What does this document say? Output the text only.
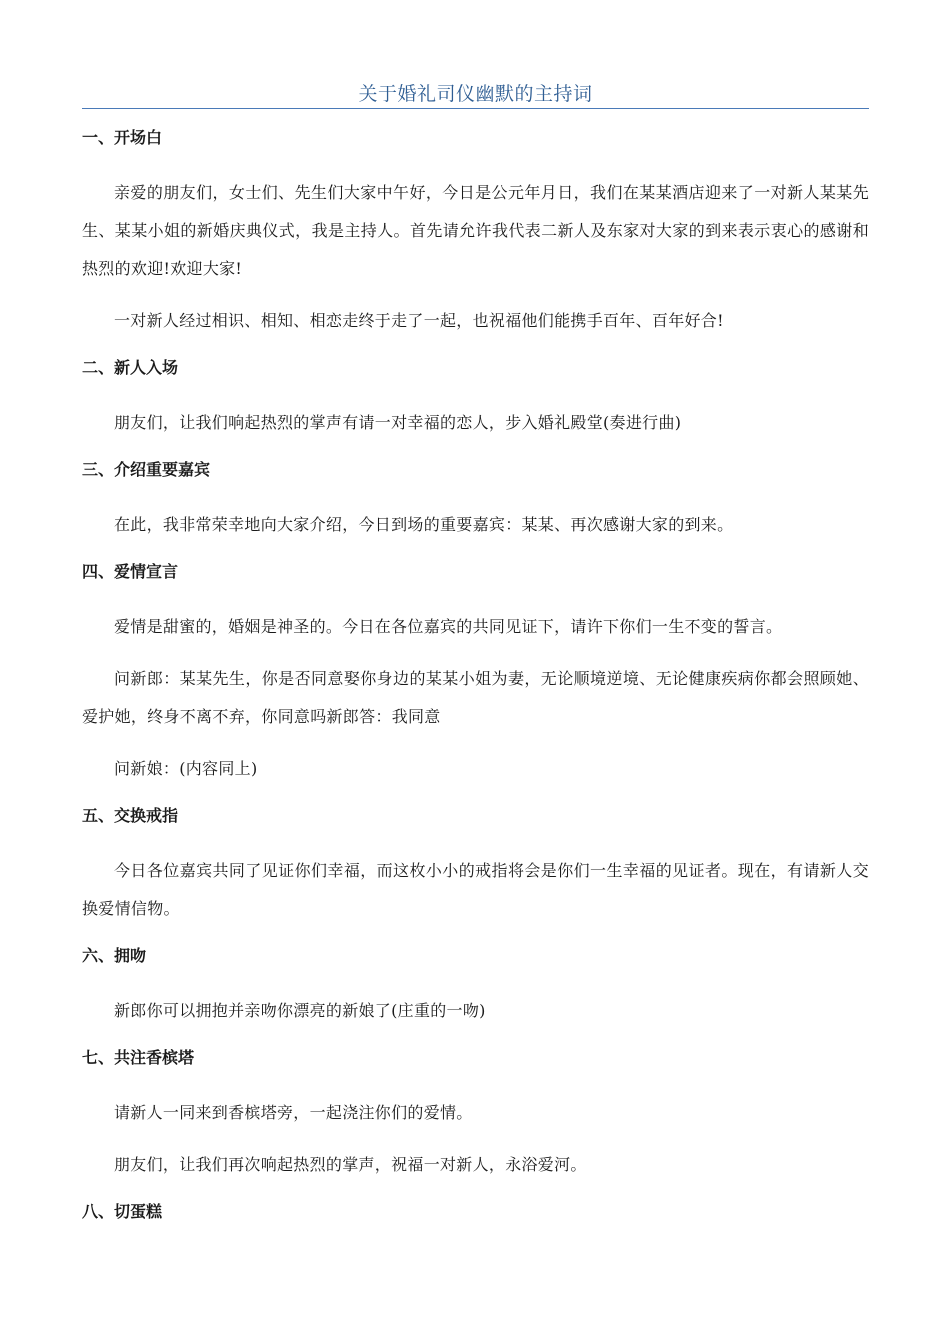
关于婚礼司仪幽默的主持词
一、开场白

亲爱的朋友们，女士们、先生们大家中午好，今日是公元年月日，我们在某某酒店迎来了一对新人某某先生、某某小姐的新婚庆典仪式，我是主持人。首先请允许我代表二新人及东家对大家的到来表示衷心的感谢和热烈的欢迎!欢迎大家!

一对新人经过相识、相知、相恋走终于走了一起，也祝福他们能携手百年、百年好合!

二、新人入场

朋友们，让我们响起热烈的掌声有请一对幸福的恋人，步入婚礼殿堂(奏进行曲)

三、介绍重要嘉宾

在此，我非常荣幸地向大家介绍，今日到场的重要嘉宾：某某、再次感谢大家的到来。

四、爱情宣言

爱情是甜蜜的，婚姻是神圣的。今日在各位嘉宾的共同见证下，请许下你们一生不变的誓言。

问新郎：某某先生，你是否同意娶你身边的某某小姐为妻，无论顺境逆境、无论健康疾病你都会照顾她、爱护她，终身不离不弃，你同意吗新郎答：我同意

问新娘：(内容同上)

五、交换戒指

今日各位嘉宾共同了见证你们幸福，而这枚小小的戒指将会是你们一生幸福的见证者。现在，有请新人交换爱情信物。

六、拥吻

新郎你可以拥抱并亲吻你漂亮的新娘了(庄重的一吻)

七、共注香槟塔

请新人一同来到香槟塔旁，一起浇注你们的爱情。

朋友们，让我们再次响起热烈的掌声，祝福一对新人，永浴爱河。

八、切蛋糕
